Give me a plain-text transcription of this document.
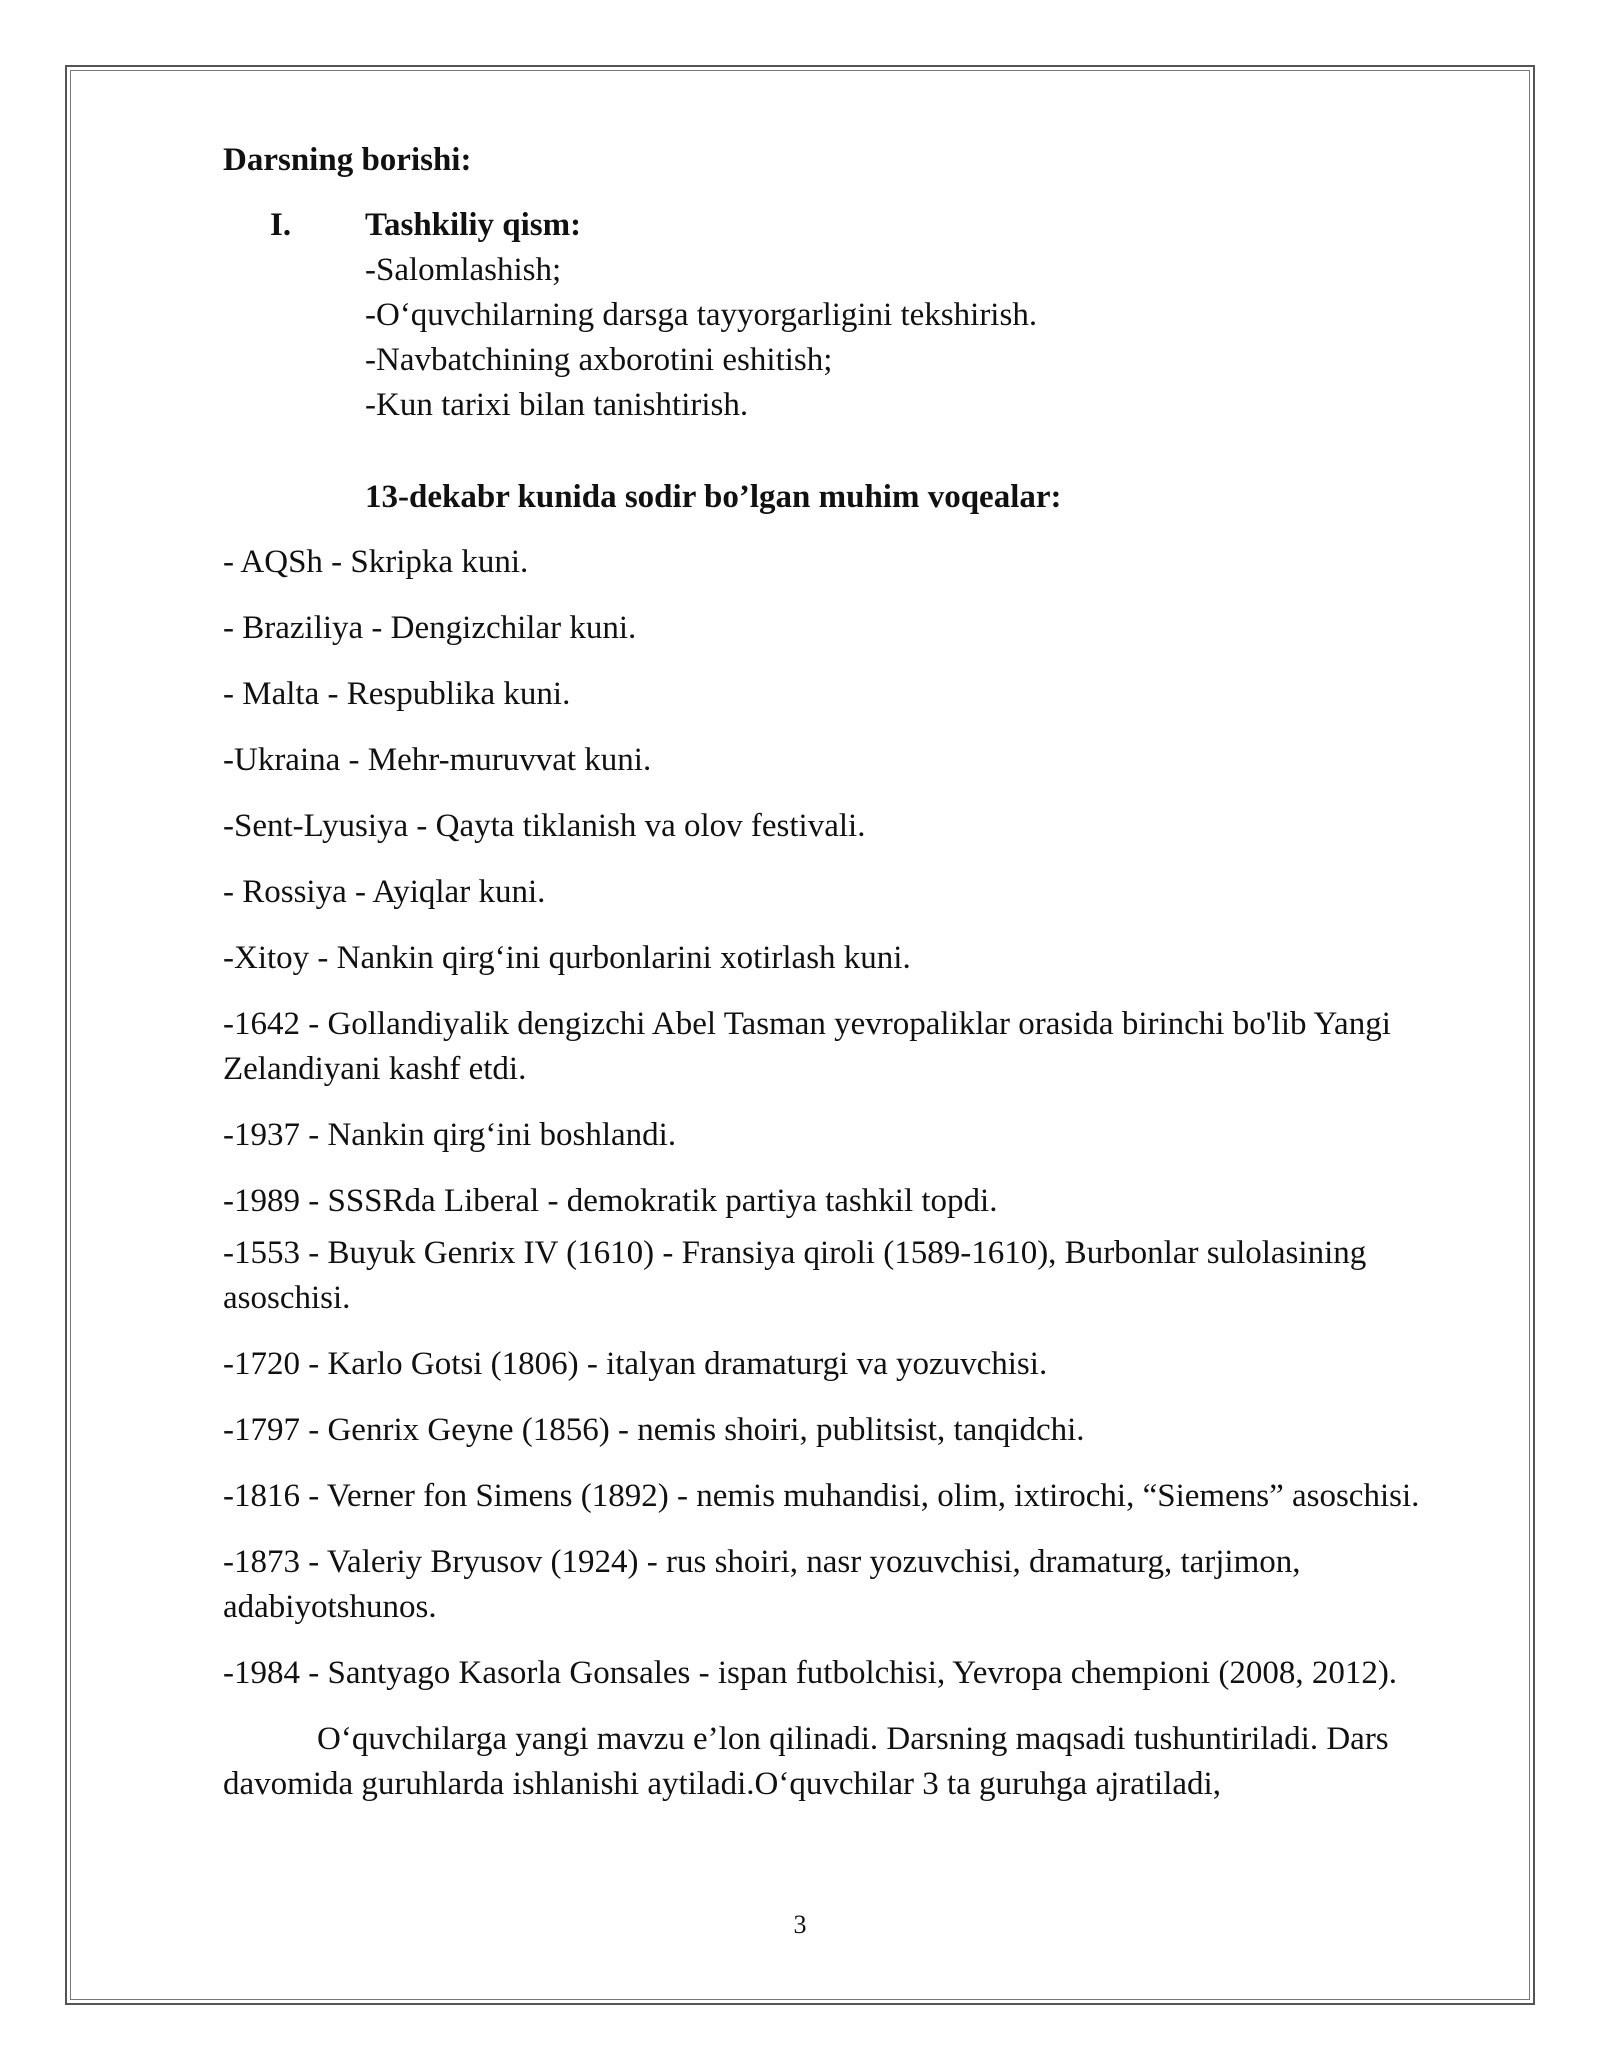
Darsning borishi:
I.	Tashkiliy qism:
-Salomlashish;
-O‘quvchilarning darsga tayyorgarligini tekshirish.
-Navbatchining axborotini eshitish;
-Kun tarixi bilan tanishtirish.
13-dekabr kunida sodir bo’lgan muhim voqealar:
- AQSh - Skripka kuni.
- Braziliya - Dengizchilar kuni.
- Malta - Respublika kuni.
-Ukraina - Mehr-muruvvat kuni.
-Sent-Lyusiya - Qayta tiklanish va olov festivali.
- Rossiya - Ayiqlar kuni.
-Xitoy - Nankin qirg‘ini qurbonlarini xotirlash kuni.
-1642 - Gollandiyalik dengizchi Abel Tasman yevropaliklar orasida birinchi bo'lib Yangi Zelandiyani kashf etdi.
-1937 - Nankin qirg‘ini boshlandi.
-1989 - SSSRda Liberal - demokratik partiya tashkil topdi.
-1553 - Buyuk Genrix IV (1610) - Fransiya qiroli (1589-1610), Burbonlar sulolasining asoschisi.
-1720 - Karlo Gotsi (1806) - italyan dramaturgi va yozuvchisi.
-1797 - Genrix Geyne (1856) - nemis shoiri, publitsist, tanqidchi.
-1816 - Verner fon Simens (1892) - nemis muhandisi, olim, ixtirochi, “Siemens” asoschisi.
-1873 - Valeriy Bryusov (1924) - rus shoiri, nasr yozuvchisi, dramaturg, tarjimon, adabiyotshunos.
-1984 - Santyago Kasorla Gonsales - ispan futbolchisi, Yevropa chempioni (2008, 2012).
O‘quvchilarga yangi mavzu e’lon qilinadi. Darsning maqsadi tushuntiriladi. Dars davomida guruhlarda ishlanishi aytiladi.O‘quvchilar 3 ta guruhga ajratiladi,
3
